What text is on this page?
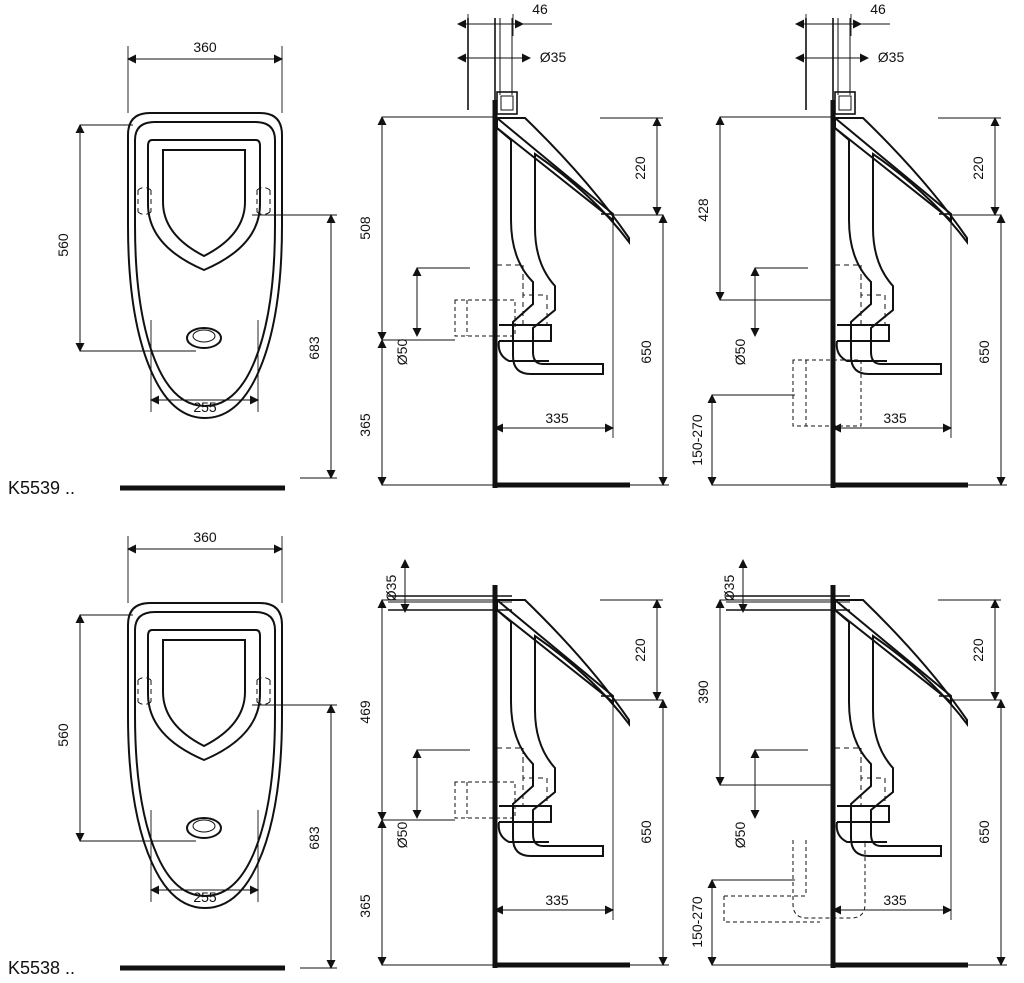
360
560
683
255
K5539 ..
46
Ø35
220
508
365
Ø50	650
335
46
Ø35
220
428
Ø50
150-270
650
335
360
560
683
255
K5538 ..
Ø35
220
469
365
Ø50	650
335
Ø35
220
390
Ø50
150-270
650
335
